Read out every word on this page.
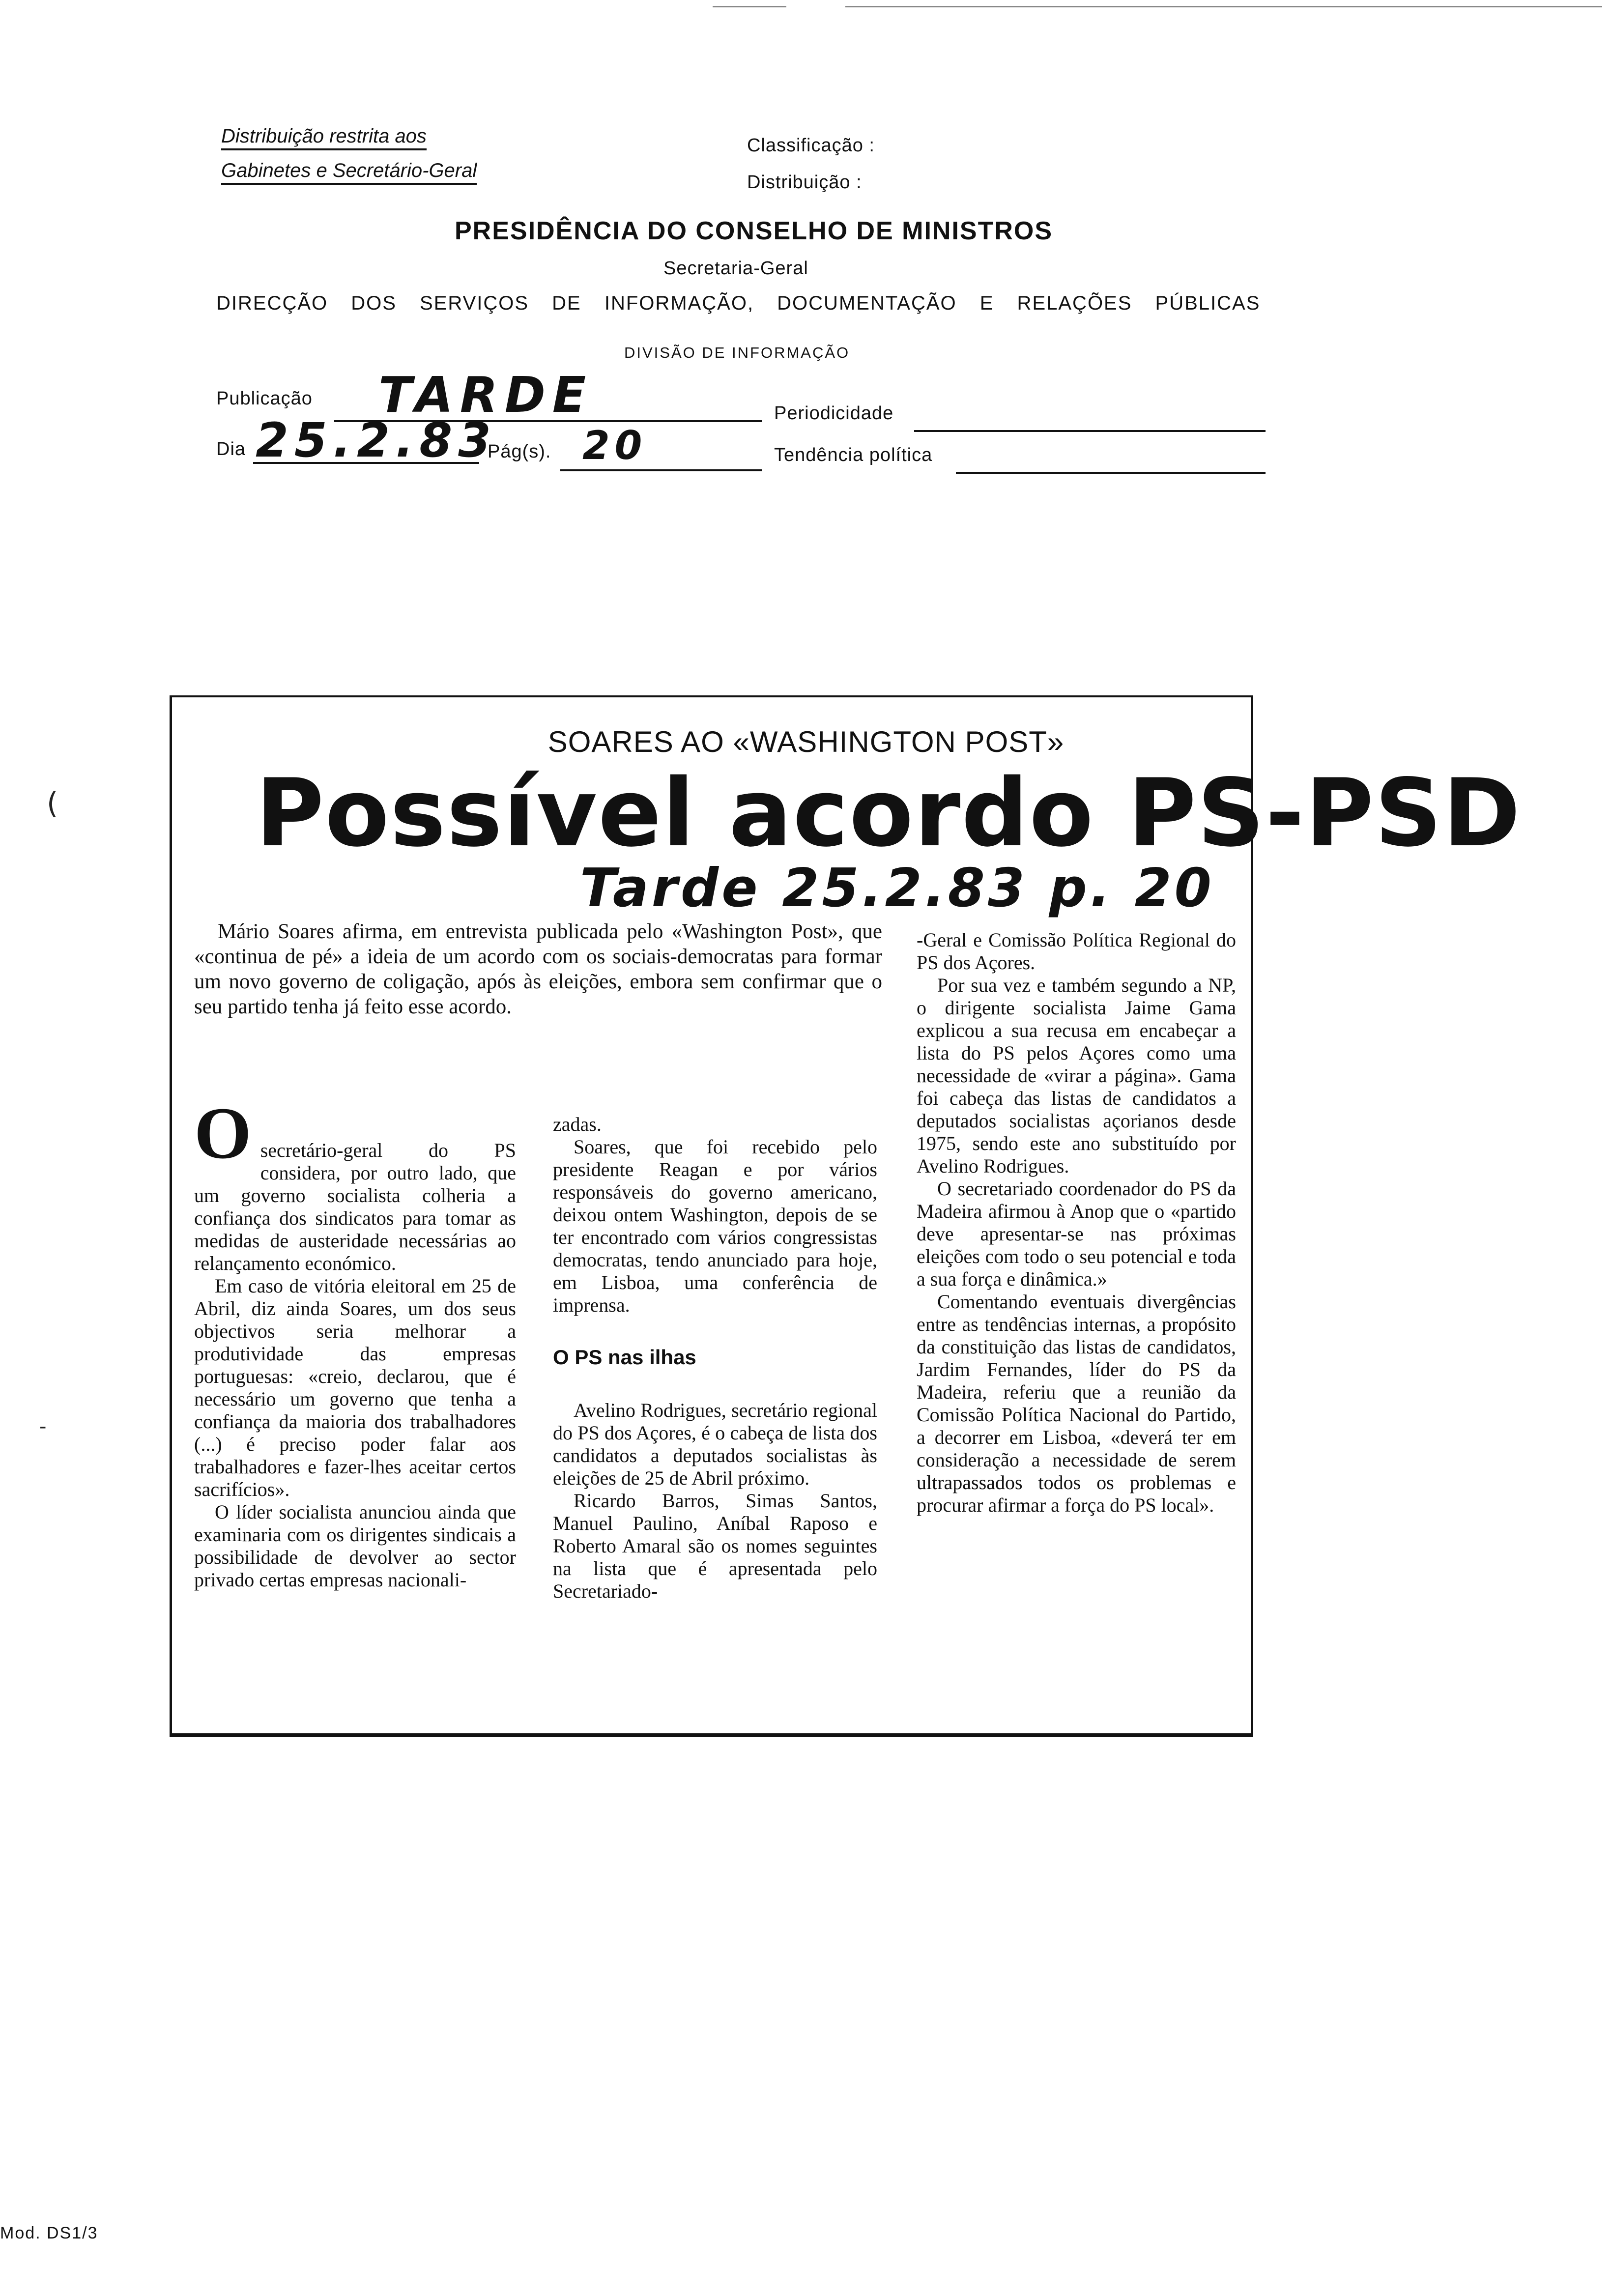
Distribuição restrita aos
Gabinetes e Secretário-Geral
Classificação :
Distribuição :
PRESIDÊNCIA DO CONSELHO DE MINISTROS
Secretaria-Geral
DIRECÇÃO DOS SERVIÇOS DE INFORMAÇÃO, DOCUMENTAÇÃO E RELAÇÕES PÚBLICAS
DIVISÃO DE INFORMAÇÃO
Publicação TARDE	Periodicidade
Dia 25.2.83
Pág(s). 20	Tendência política
(
-
SOARES AO «WASHINGTON POST»
Possível acordo PS-PSD
Tarde 25.2.83 p. 20
Mário Soares afirma, em entrevista publicada pelo «Washington Post», que «continua de pé» a ideia de um acordo com os sociais-democratas para formar um novo governo de coligação, após às eleições, embora sem confirmar que o seu partido tenha já feito esse acordo.
O secretário-geral do PS considera, por outro lado, que um governo socialista colheria a confiança dos sindicatos para tomar as medidas de austeridade necessárias ao relançamento económico.

Em caso de vitória eleitoral em 25 de Abril, diz ainda Soares, um dos seus objectivos seria melhorar a produtividade das empresas portuguesas: «creio, declarou, que é necessário um governo que tenha a confiança da maioria dos trabalhadores (...) é preciso poder falar aos trabalhadores e fazer-lhes aceitar certos sacrifícios».

O líder socialista anunciou ainda que examinaria com os dirigentes sindicais a possibilidade de devolver ao sector privado certas empresas nacionali-

zadas.

Soares, que foi recebido pelo presidente Reagan e por vários responsáveis do governo americano, deixou ontem Washington, depois de se ter encontrado com vários congressistas democratas, tendo anunciado para hoje, em Lisboa, uma conferência de imprensa.

O PS nas ilhas

Avelino Rodrigues, secretário regional do PS dos Açores, é o cabeça de lista dos candidatos a deputados socialistas às eleições de 25 de Abril próximo.

Ricardo Barros, Simas Santos, Manuel Paulino, Aníbal Raposo e Roberto Amaral são os nomes seguintes na lista que é apresentada pelo Secretariado-

-Geral e Comissão Política Regional do PS dos Açores.

Por sua vez e também segundo a NP, o dirigente socialista Jaime Gama explicou a sua recusa em encabeçar a lista do PS pelos Açores como uma necessidade de «virar a página». Gama foi cabeça das listas de candidatos a deputados socialistas açorianos desde 1975, sendo este ano substituído por Avelino Rodrigues.

O secretariado coordenador do PS da Madeira afirmou à Anop que o «partido deve apresentar-se nas próximas eleições com todo o seu potencial e toda a sua força e dinâmica.»

Comentando eventuais divergências entre as tendências internas, a propósito da constituição das listas de candidatos, Jardim Fernandes, líder do PS da Madeira, referiu que a reunião da Comissão Política Nacional do Partido, a decorrer em Lisboa, «deverá ter em consideração a necessidade de serem ultrapassados todos os problemas e procurar afirmar a força do PS local».

Mod. DS1/3
